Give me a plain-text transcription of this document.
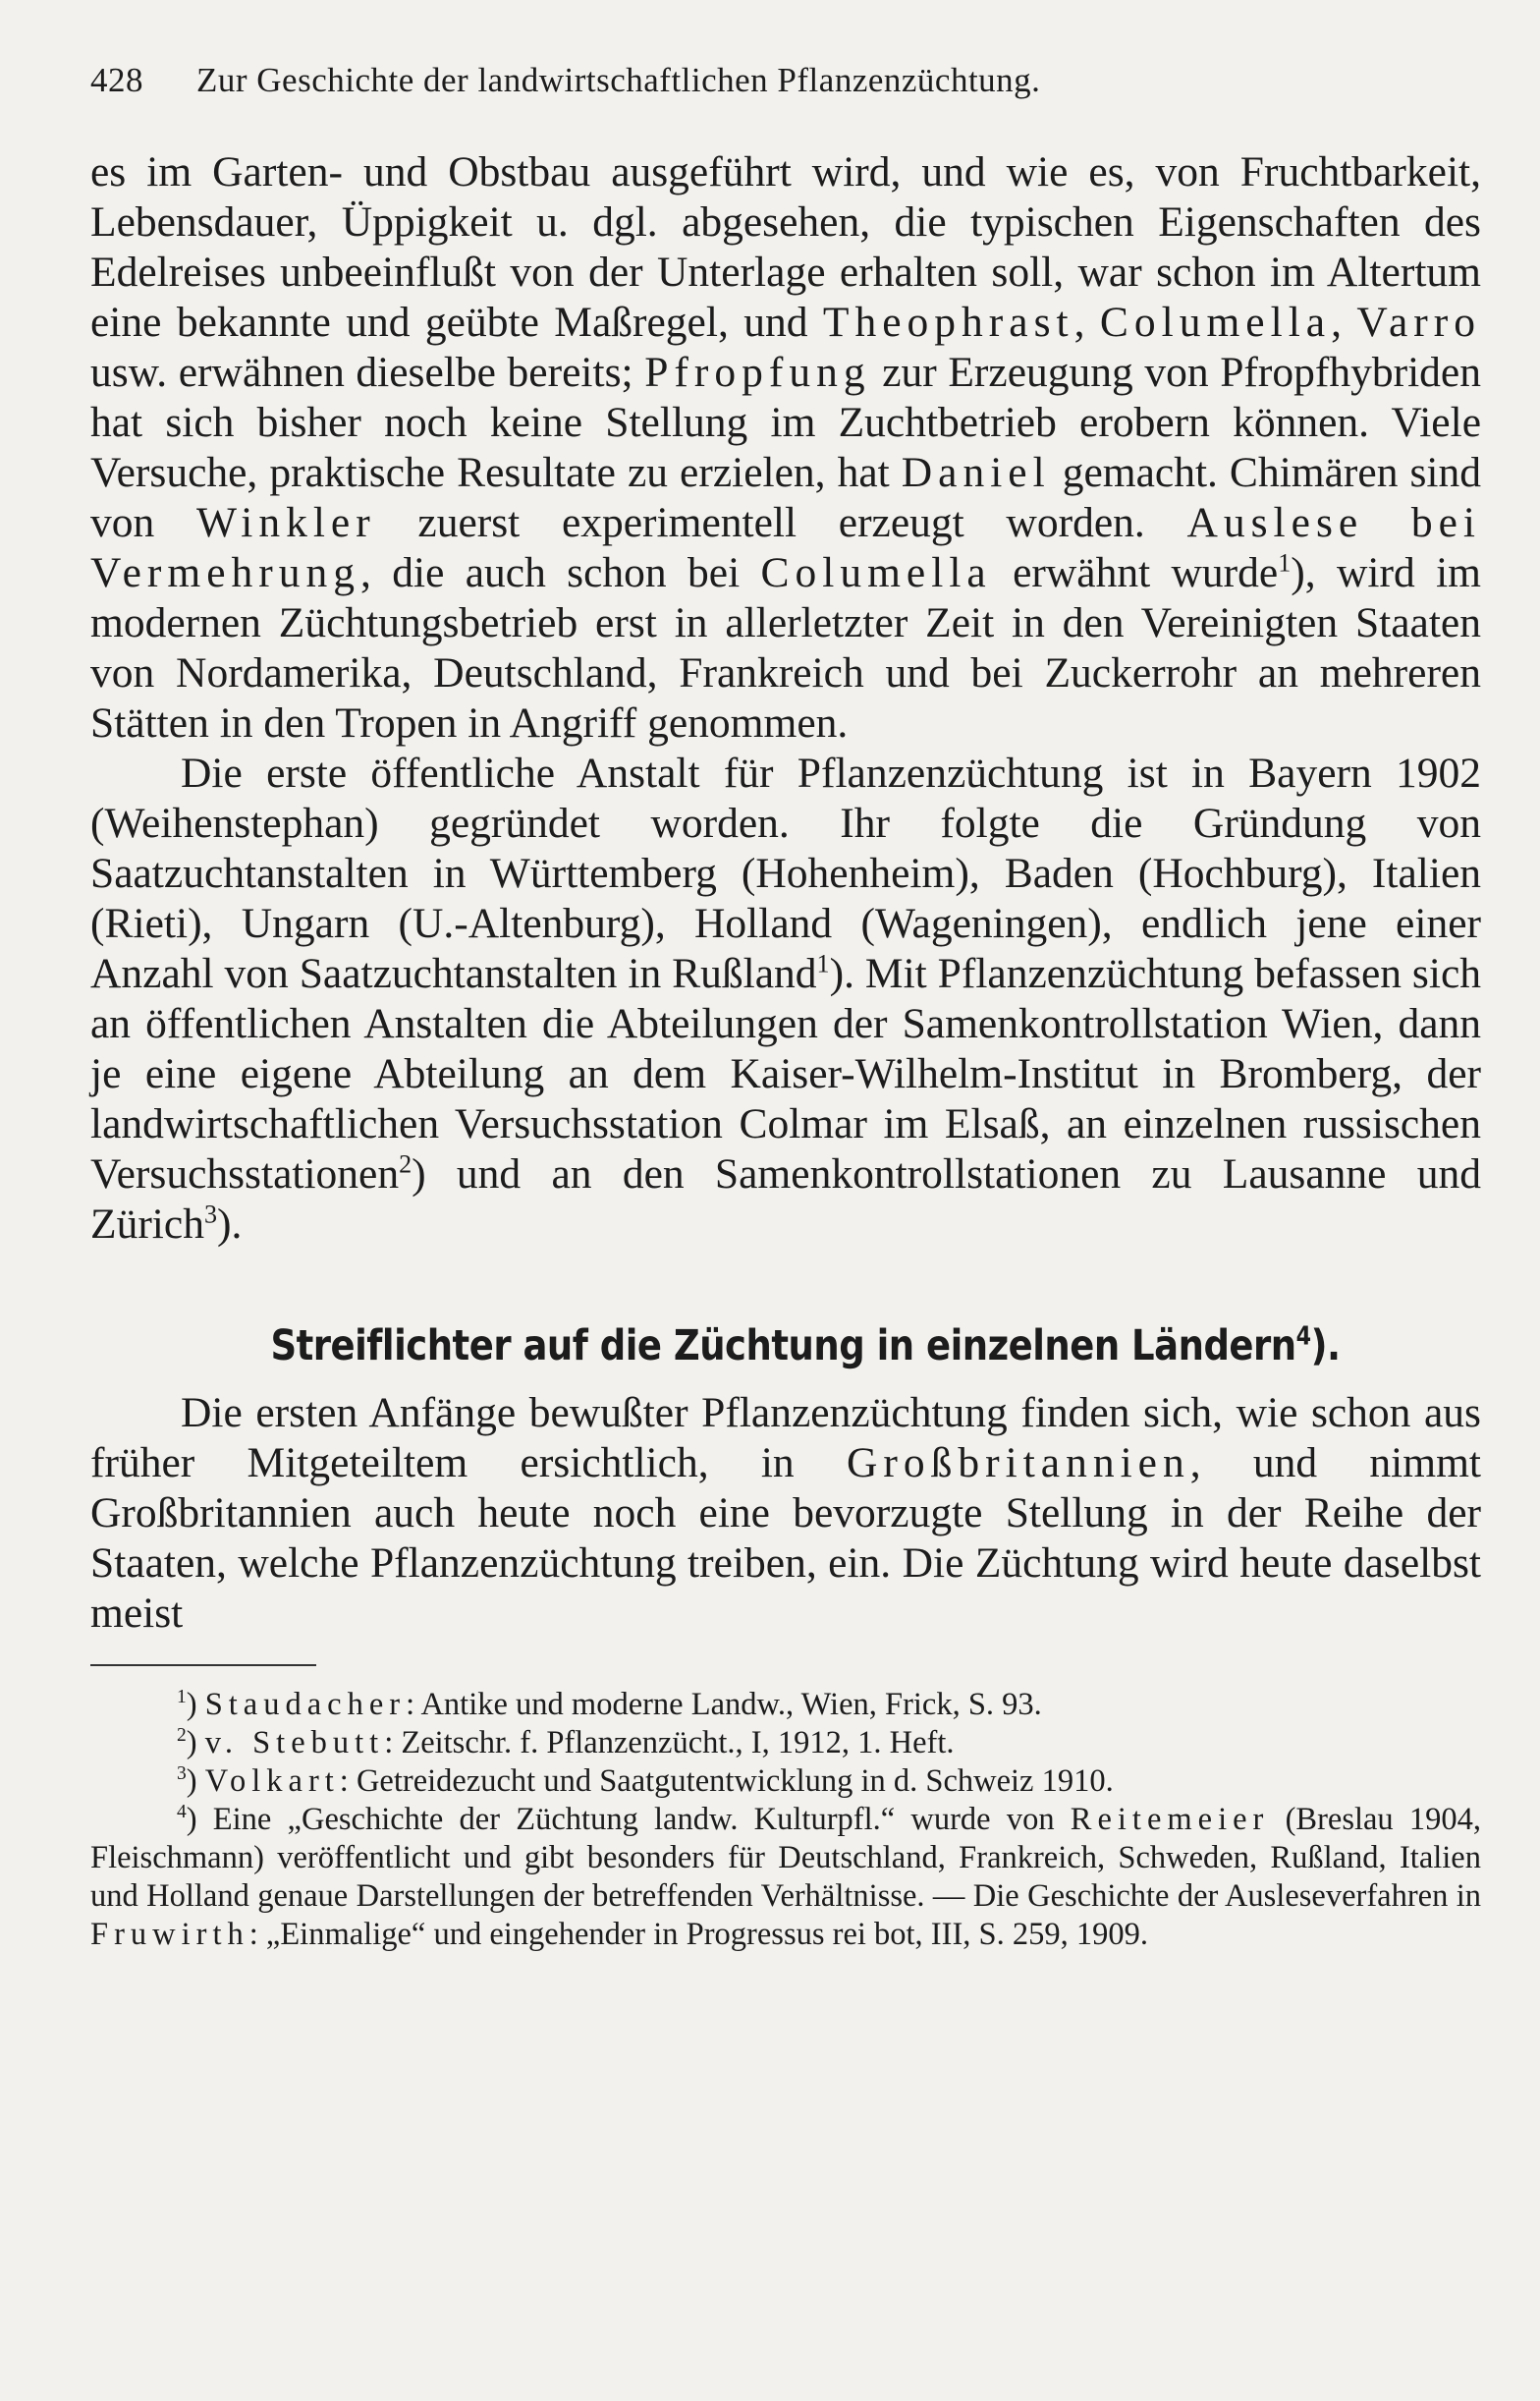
428 Zur Geschichte der landwirtschaftlichen Pflanzenzüchtung.

es im Garten- und Obstbau ausgeführt wird, und wie es, von Fruchtbarkeit, Lebensdauer, Üppigkeit u. dgl. abgesehen, die typischen Eigenschaften des Edelreises unbeeinflußt von der Unterlage erhalten soll, war schon im Altertum eine bekannte und geübte Maßregel, und Theophrast, Columella, Varro usw. erwähnen dieselbe bereits; Pfropfung zur Erzeugung von Pfropfhybriden hat sich bisher noch keine Stellung im Zuchtbetrieb erobern können. Viele Versuche, praktische Resultate zu erzielen, hat Daniel gemacht. Chimären sind von Winkler zuerst experimentell erzeugt worden. Auslese bei Vermehrung, die auch schon bei Columella erwähnt wurde$^1$), wird im modernen Züchtungsbetrieb erst in allerletzter Zeit in den Vereinigten Staaten von Nordamerika, Deutschland, Frankreich und bei Zuckerrohr an mehreren Stätten in den Tropen in Angriff genommen.

Die erste öffentliche Anstalt für Pflanzenzüchtung ist in Bayern 1902 (Weihenstephan) gegründet worden. Ihr folgte die Gründung von Saatzuchtanstalten in Württemberg (Hohenheim), Baden (Hochburg), Italien (Rieti), Ungarn (U.-Altenburg), Holland (Wageningen), endlich jene einer Anzahl von Saatzuchtanstalten in Rußland$^1$). Mit Pflanzenzüchtung befassen sich an öffentlichen Anstalten die Abteilungen der Samenkontrollstation Wien, dann je eine eigene Abteilung an dem Kaiser-Wilhelm-Institut in Bromberg, der landwirtschaftlichen Versuchsstation Colmar im Elsaß, an einzelnen russischen Versuchsstationen$^2$) und an den Samenkontrollstationen zu Lausanne und Zürich$^3$).

Streiflichter auf die Züchtung in einzelnen Ländern$^4$).

Die ersten Anfänge bewußter Pflanzenzüchtung finden sich, wie schon aus früher Mitgeteiltem ersichtlich, in Großbritannien, und nimmt Großbritannien auch heute noch eine bevorzugte Stellung in der Reihe der Staaten, welche Pflanzenzüchtung treiben, ein. Die Züchtung wird heute daselbst meist

$^1$) Staudacher: Antike und moderne Landw., Wien, Frick, S. 93.

$^2$) v. Stebutt: Zeitschr. f. Pflanzenzücht., I, 1912, 1. Heft.

$^3$) Volkart: Getreidezucht und Saatgutentwicklung in d. Schweiz 1910.

$^4$) Eine „Geschichte der Züchtung landw. Kulturpfl.“ wurde von Reitemeier (Breslau 1904, Fleischmann) veröffentlicht und gibt besonders für Deutschland, Frankreich, Schweden, Rußland, Italien und Holland genaue Darstellungen der betreffenden Verhältnisse. — Die Geschichte der Ausleseverfahren in Fruwirth: „Einmalige“ und eingehender in Progressus rei bot, III, S. 259, 1909.
